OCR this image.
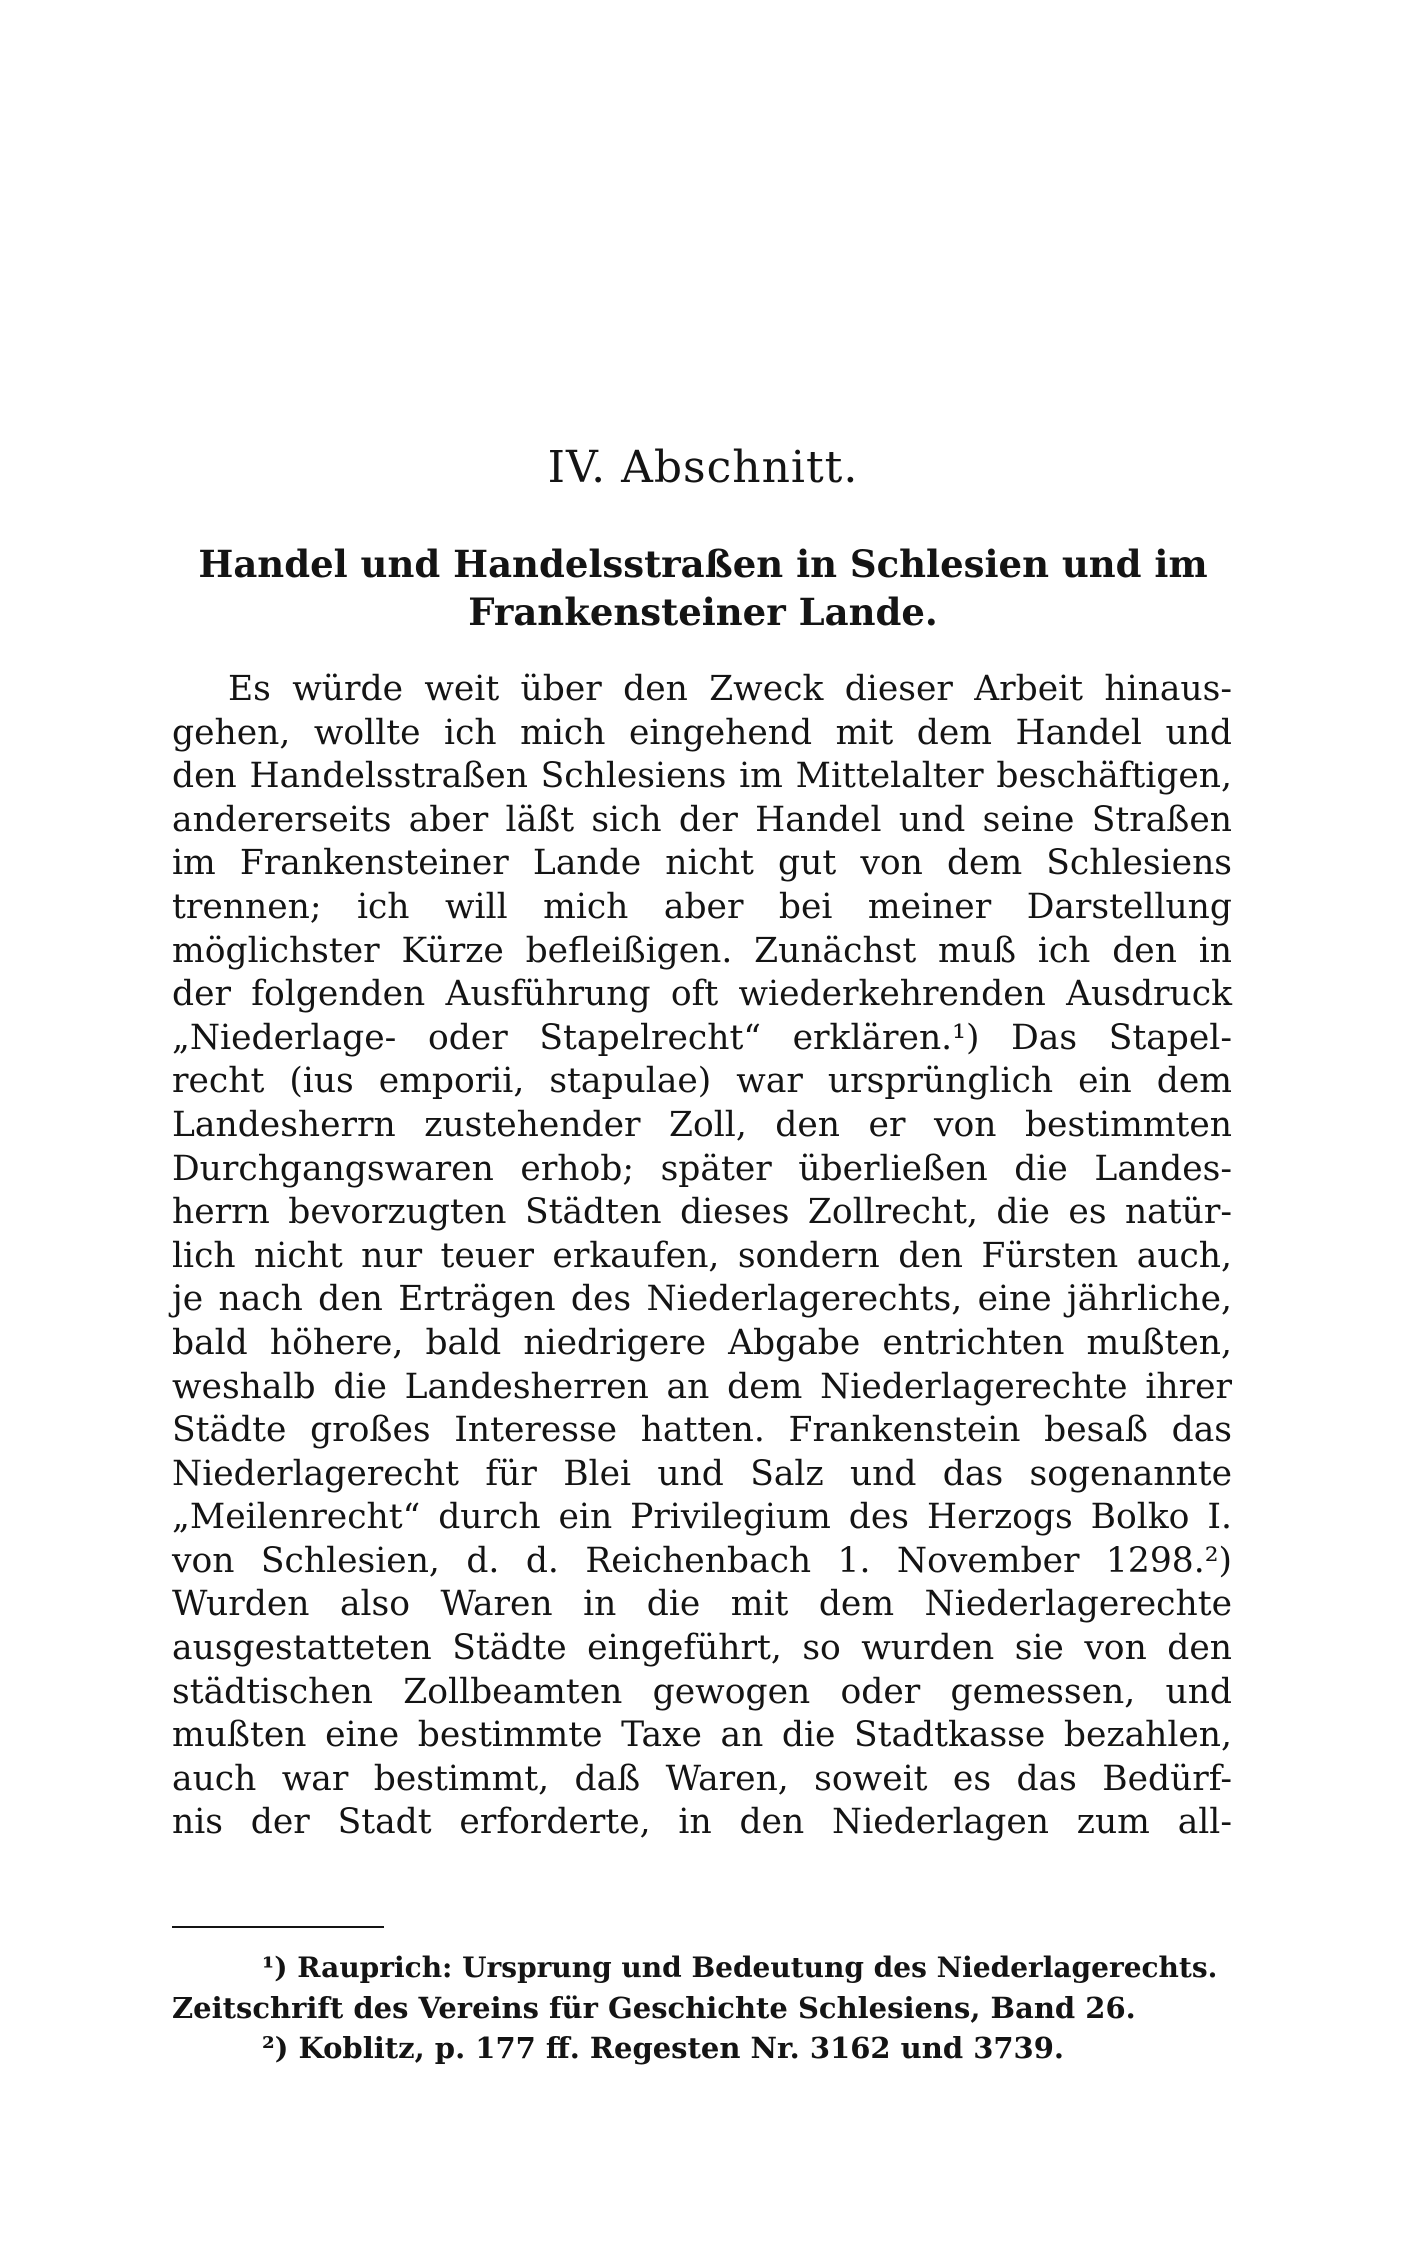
IV. Abschnitt.
Handel und Handelsstraßen in Schlesien und im
Frankensteiner Lande.
Es würde weit über den Zweck dieser Arbeit hinaus-
gehen, wollte ich mich eingehend mit dem Handel und
den Handelsstraßen Schlesiens im Mittelalter beschäftigen,
andererseits aber läßt sich der Handel und seine Straßen
im Frankensteiner Lande nicht gut von dem Schlesiens
trennen; ich will mich aber bei meiner Darstellung
möglichster Kürze befleißigen. Zunächst muß ich den in
der folgenden Ausführung oft wiederkehrenden Ausdruck
„Niederlage- oder Stapelrecht“ erklären.¹) Das Stapel-
recht (ius emporii, stapulae) war ursprünglich ein dem
Landesherrn zustehender Zoll, den er von bestimmten
Durchgangswaren erhob; später überließen die Landes-
herrn bevorzugten Städten dieses Zollrecht, die es natür-
lich nicht nur teuer erkaufen, sondern den Fürsten auch,
je nach den Erträgen des Niederlagerechts, eine jährliche,
bald höhere, bald niedrigere Abgabe entrichten mußten,
weshalb die Landesherren an dem Niederlagerechte ihrer
Städte großes Interesse hatten. Frankenstein besaß das
Niederlagerecht für Blei und Salz und das sogenannte
„Meilenrecht“ durch ein Privilegium des Herzogs Bolko I.
von Schlesien, d. d. Reichenbach 1. November 1298.²)
Wurden also Waren in die mit dem Niederlagerechte
ausgestatteten Städte eingeführt, so wurden sie von den
städtischen Zollbeamten gewogen oder gemessen, und
mußten eine bestimmte Taxe an die Stadtkasse bezahlen,
auch war bestimmt, daß Waren, soweit es das Bedürf-
nis der Stadt erforderte, in den Niederlagen zum all-
¹) Rauprich: Ursprung und Bedeutung des Niederlagerechts.
Zeitschrift des Vereins für Geschichte Schlesiens, Band 26.
²) Koblitz, p. 177 ff. Regesten Nr. 3162 und 3739.
